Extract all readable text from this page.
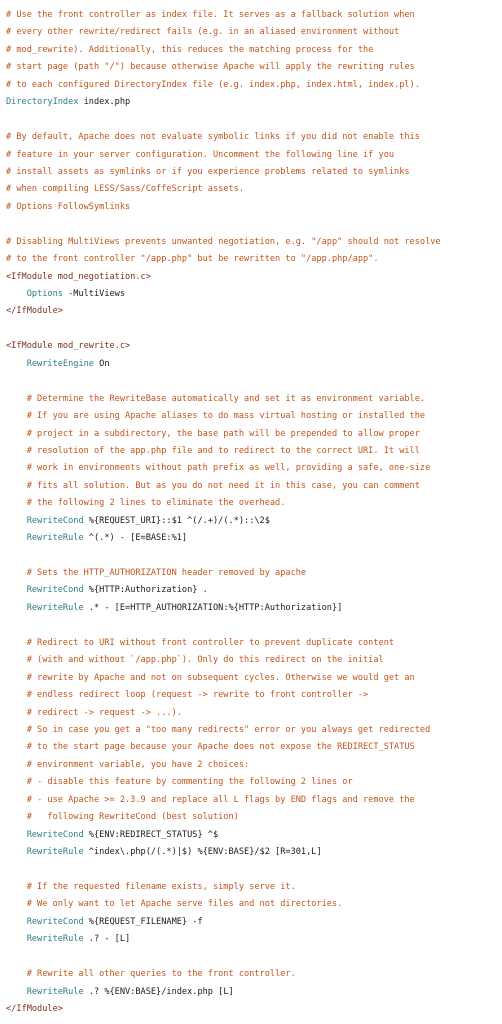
# Use the front controller as index file. It serves as a fallback solution when
# every other rewrite/redirect fails (e.g. in an aliased environment without
# mod_rewrite). Additionally, this reduces the matching process for the
# start page (path "/") because otherwise Apache will apply the rewriting rules
# to each configured DirectoryIndex file (e.g. index.php, index.html, index.pl).
DirectoryIndex index.php
# By default, Apache does not evaluate symbolic links if you did not enable this
# feature in your server configuration. Uncomment the following line if you
# install assets as symlinks or if you experience problems related to symlinks
# when compiling LESS/Sass/CoffeScript assets.
# Options FollowSymlinks
# Disabling MultiViews prevents unwanted negotiation, e.g. "/app" should not resolve
# to the front controller "/app.php" but be rewritten to "/app.php/app".
<IfModule mod_negotiation.c>
Options -MultiViews
</IfModule>
<IfModule mod_rewrite.c>
RewriteEngine On
# Determine the RewriteBase automatically and set it as environment variable.
# If you are using Apache aliases to do mass virtual hosting or installed the
# project in a subdirectory, the base path will be prepended to allow proper
# resolution of the app.php file and to redirect to the correct URI. It will
# work in environments without path prefix as well, providing a safe, one-size
# fits all solution. But as you do not need it in this case, you can comment
# the following 2 lines to eliminate the overhead.
RewriteCond %{REQUEST_URI}::$1 ^(/.+)/(.*)::\2$
RewriteRule ^(.*) - [E=BASE:%1]
# Sets the HTTP_AUTHORIZATION header removed by apache
RewriteCond %{HTTP:Authorization} .
RewriteRule .* - [E=HTTP_AUTHORIZATION:%{HTTP:Authorization}]
# Redirect to URI without front controller to prevent duplicate content
# (with and without `/app.php`). Only do this redirect on the initial
# rewrite by Apache and not on subsequent cycles. Otherwise we would get an
# endless redirect loop (request -> rewrite to front controller ->
# redirect -> request -> ...).
# So in case you get a "too many redirects" error or you always get redirected
# to the start page because your Apache does not expose the REDIRECT_STATUS
# environment variable, you have 2 choices:
# - disable this feature by commenting the following 2 lines or
# - use Apache >= 2.3.9 and replace all L flags by END flags and remove the
#   following RewriteCond (best solution)
RewriteCond %{ENV:REDIRECT_STATUS} ^$
RewriteRule ^index\.php(/(.*)|$) %{ENV:BASE}/$2 [R=301,L]
# If the requested filename exists, simply serve it.
# We only want to let Apache serve files and not directories.
RewriteCond %{REQUEST_FILENAME} -f
RewriteRule .? - [L]
# Rewrite all other queries to the front controller.
RewriteRule .? %{ENV:BASE}/index.php [L]
</IfModule>
